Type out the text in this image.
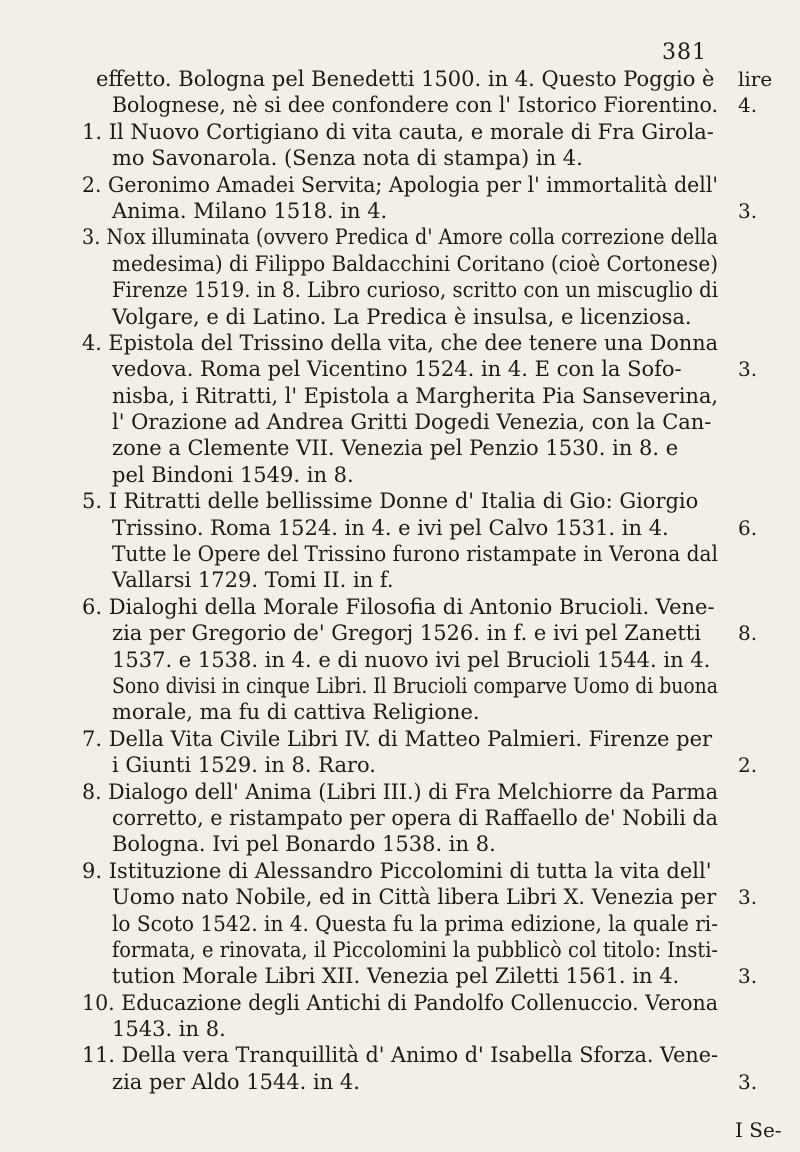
381
effetto. Bologna pel Benedetti 1500. in 4. Questo Poggio è lire
Bolognese, nè si dee confondere con l' Istorico Fiorentino. 4.
1. Il Nuovo Cortigiano di vita cauta, e morale di Fra Girola-
mo Savonarola. (Senza nota di stampa) in 4.
2. Geronimo Amadei Servita; Apologia per l' immortalità dell'
Anima. Milano 1518. in 4.	3.
3. Nox illuminata (ovvero Predica d' Amore colla correzione della
medesima) di Filippo Baldacchini Coritano (cioè Cortonese)
Firenze 1519. in 8. Libro curioso, scritto con un miscuglio di
Volgare, e di Latino. La Predica è insulsa, e licenziosa.
4. Epistola del Trissino della vita, che dee tenere una Donna
vedova. Roma pel Vicentino 1524. in 4. E con la Sofo-	3.
nisba, i Ritratti, l' Epistola a Margherita Pia Sanseverina,
l' Orazione ad Andrea Gritti Dogedi Venezia, con la Can-
zone a Clemente VII. Venezia pel Penzio 1530. in 8. e
pel Bindoni 1549. in 8.
5. I Ritratti delle bellissime Donne d' Italia di Gio: Giorgio
Trissino. Roma 1524. in 4. e ivi pel Calvo 1531. in 4.	6.
Tutte le Opere del Trissino furono ristampate in Verona dal
Vallarsi 1729. Tomi II. in f.
6. Dialoghi della Morale Filosofia di Antonio Brucioli. Vene-
zia per Gregorio de' Gregorj 1526. in f. e ivi pel Zanetti 8.
1537. e 1538. in 4. e di nuovo ivi pel Brucioli 1544. in 4.
Sono divisi in cinque Libri. Il Brucioli comparve Uomo di buona
morale, ma fu di cattiva Religione.
7. Della Vita Civile Libri IV. di Matteo Palmieri. Firenze per
i Giunti 1529. in 8. Raro.	2.
8. Dialogo dell' Anima (Libri III.) di Fra Melchiorre da Parma
corretto, e ristampato per opera di Raffaello de' Nobili da
Bologna. Ivi pel Bonardo 1538. in 8.
9. Istituzione di Alessandro Piccolomini di tutta la vita dell'
Uomo nato Nobile, ed in Città libera Libri X. Venezia per 3.
lo Scoto 1542. in 4. Questa fu la prima edizione, la quale ri-
formata, e rinovata, il Piccolomini la pubblicò col titolo: Insti-
tution Morale Libri XII. Venezia pel Ziletti 1561. in 4.	3.
10. Educazione degli Antichi di Pandolfo Collenuccio. Verona
1543. in 8.
11. Della vera Tranquillità d' Animo d' Isabella Sforza. Vene-
zia per Aldo 1544. in 4.	3.
I Se-
